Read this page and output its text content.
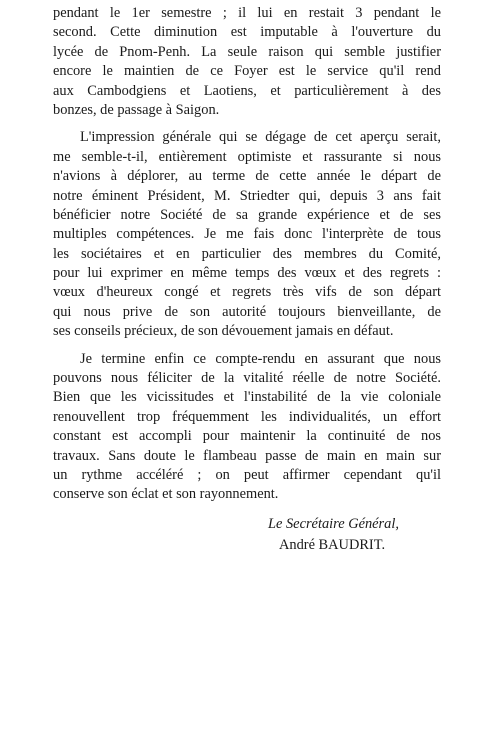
pendant le 1er semestre ; il lui en restait 3 pendant le
second. Cette diminution est imputable à l'ouverture du
lycée de Pnom-Penh. La seule raison qui semble justifier
encore le maintien de ce Foyer est le service qu'il rend
aux Cambodgiens et Laotiens, et particulièrement à des
bonzes, de passage à Saigon.
L'impression générale qui se dégage de cet aperçu serait,
me semble-t-il, entièrement optimiste et rassurante si nous
n'avions à déplorer, au terme de cette année le départ de
notre éminent Président, M. Striedter qui, depuis 3 ans fait
bénéficier notre Société de sa grande expérience et de ses
multiples compétences. Je me fais donc l'interprète de tous
les sociétaires et en particulier des membres du Comité,
pour lui exprimer en même temps des vœux et des regrets :
vœux d'heureux congé et regrets très vifs de son départ
qui nous prive de son autorité toujours bienveillante, de
ses conseils précieux, de son dévouement jamais en défaut.
Je termine enfin ce compte-rendu en assurant que nous
pouvons nous féliciter de la vitalité réelle de notre Société.
Bien que les vicissitudes et l'instabilité de la vie coloniale
renouvellent trop fréquemment les individualités, un effort
constant est accompli pour maintenir la continuité de nos
travaux. Sans doute le flambeau passe de main en main sur
un rythme accéléré ; on peut affirmer cependant qu'il
conserve son éclat et son rayonnement.
Le Secrétaire Général,
André BAUDRIT.
